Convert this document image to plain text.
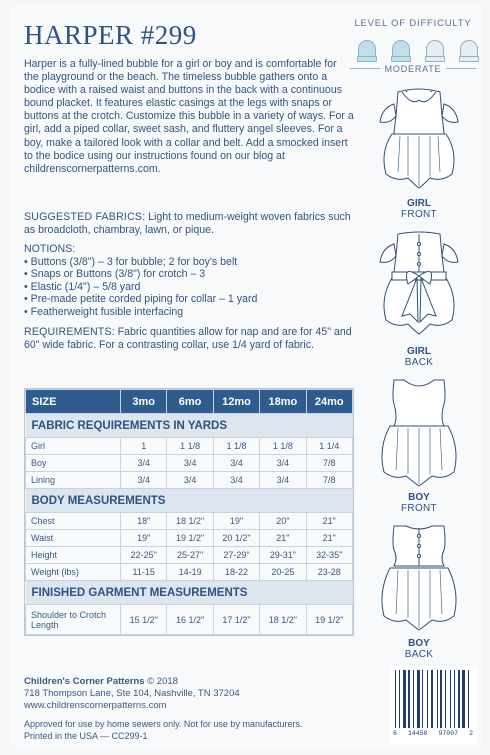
HARPER #299

Harper is a fully-lined bubble for a girl or boy and is comfortable for the playground or the beach. The timeless bubble gathers onto a bodice with a raised waist and buttons in the back with a continuous bound placket. It features elastic casings at the legs with snaps or buttons at the crotch. Customize this bubble in a variety of ways. For a girl, add a piped collar, sweet sash, and fluttery angel sleeves. For a boy, make a tailored look with a collar and belt. Add a smocked insert to the bodice using our instructions found on our blog at childrenscornerpatterns.com.

SUGGESTED FABRICS: Light to medium-weight woven fabrics such as broadcloth, chambray, lawn, or pique.

NOTIONS:
• Buttons (3/8") – 3 for bubble; 2 for boy's belt
• Snaps or Buttons (3/8") for crotch – 3
• Elastic (1/4") – 5/8 yard
• Pre-made petite corded piping for collar – 1 yard
• Featherweight fusible interfacing

REQUIREMENTS: Fabric quantities allow for nap and are for 45" and 60" wide fabric. For a contrasting collar, use 1/4 yard of fabric.

LEVEL OF DIFFICULTY
MODERATE
GIRL
FRONT
GIRL
BACK
BOY
FRONT
BOY
BACK
SIZE	3mo	6mo	12mo	18mo	24mo
FABRIC REQUIREMENTS IN YARDS					
Girl	1	1 1/8	1 1/8	1 1/8	1 1/4
Boy	3/4	3/4	3/4	3/4	7/8
Lining	3/4	3/4	3/4	3/4	7/8
BODY MEASUREMENTS					
Chest	18"	18 1/2"	19"	20"	21"
Waist	19"	19 1/2"	20 1/2"	21"	21"
Height	22-25"	25-27"	27-29"	29-31"	32-35"
Weight (lbs)	11-15	14-19	18-22	20-25	23-28
FINISHED GARMENT MEASUREMENTS					
Shoulder to Crotch Length	15 1/2"	16 1/2"	17 1/2"	18 1/2"	19 1/2"
Children's Corner Patterns © 2018
718 Thompson Lane, Ste 104, Nashville, TN 37204
www.childrenscornerpatterns.com
Approved for use by home sewers only. Not for use by manufacturers.
Printed in the USA — CC299-1	6 14458 97007 2
